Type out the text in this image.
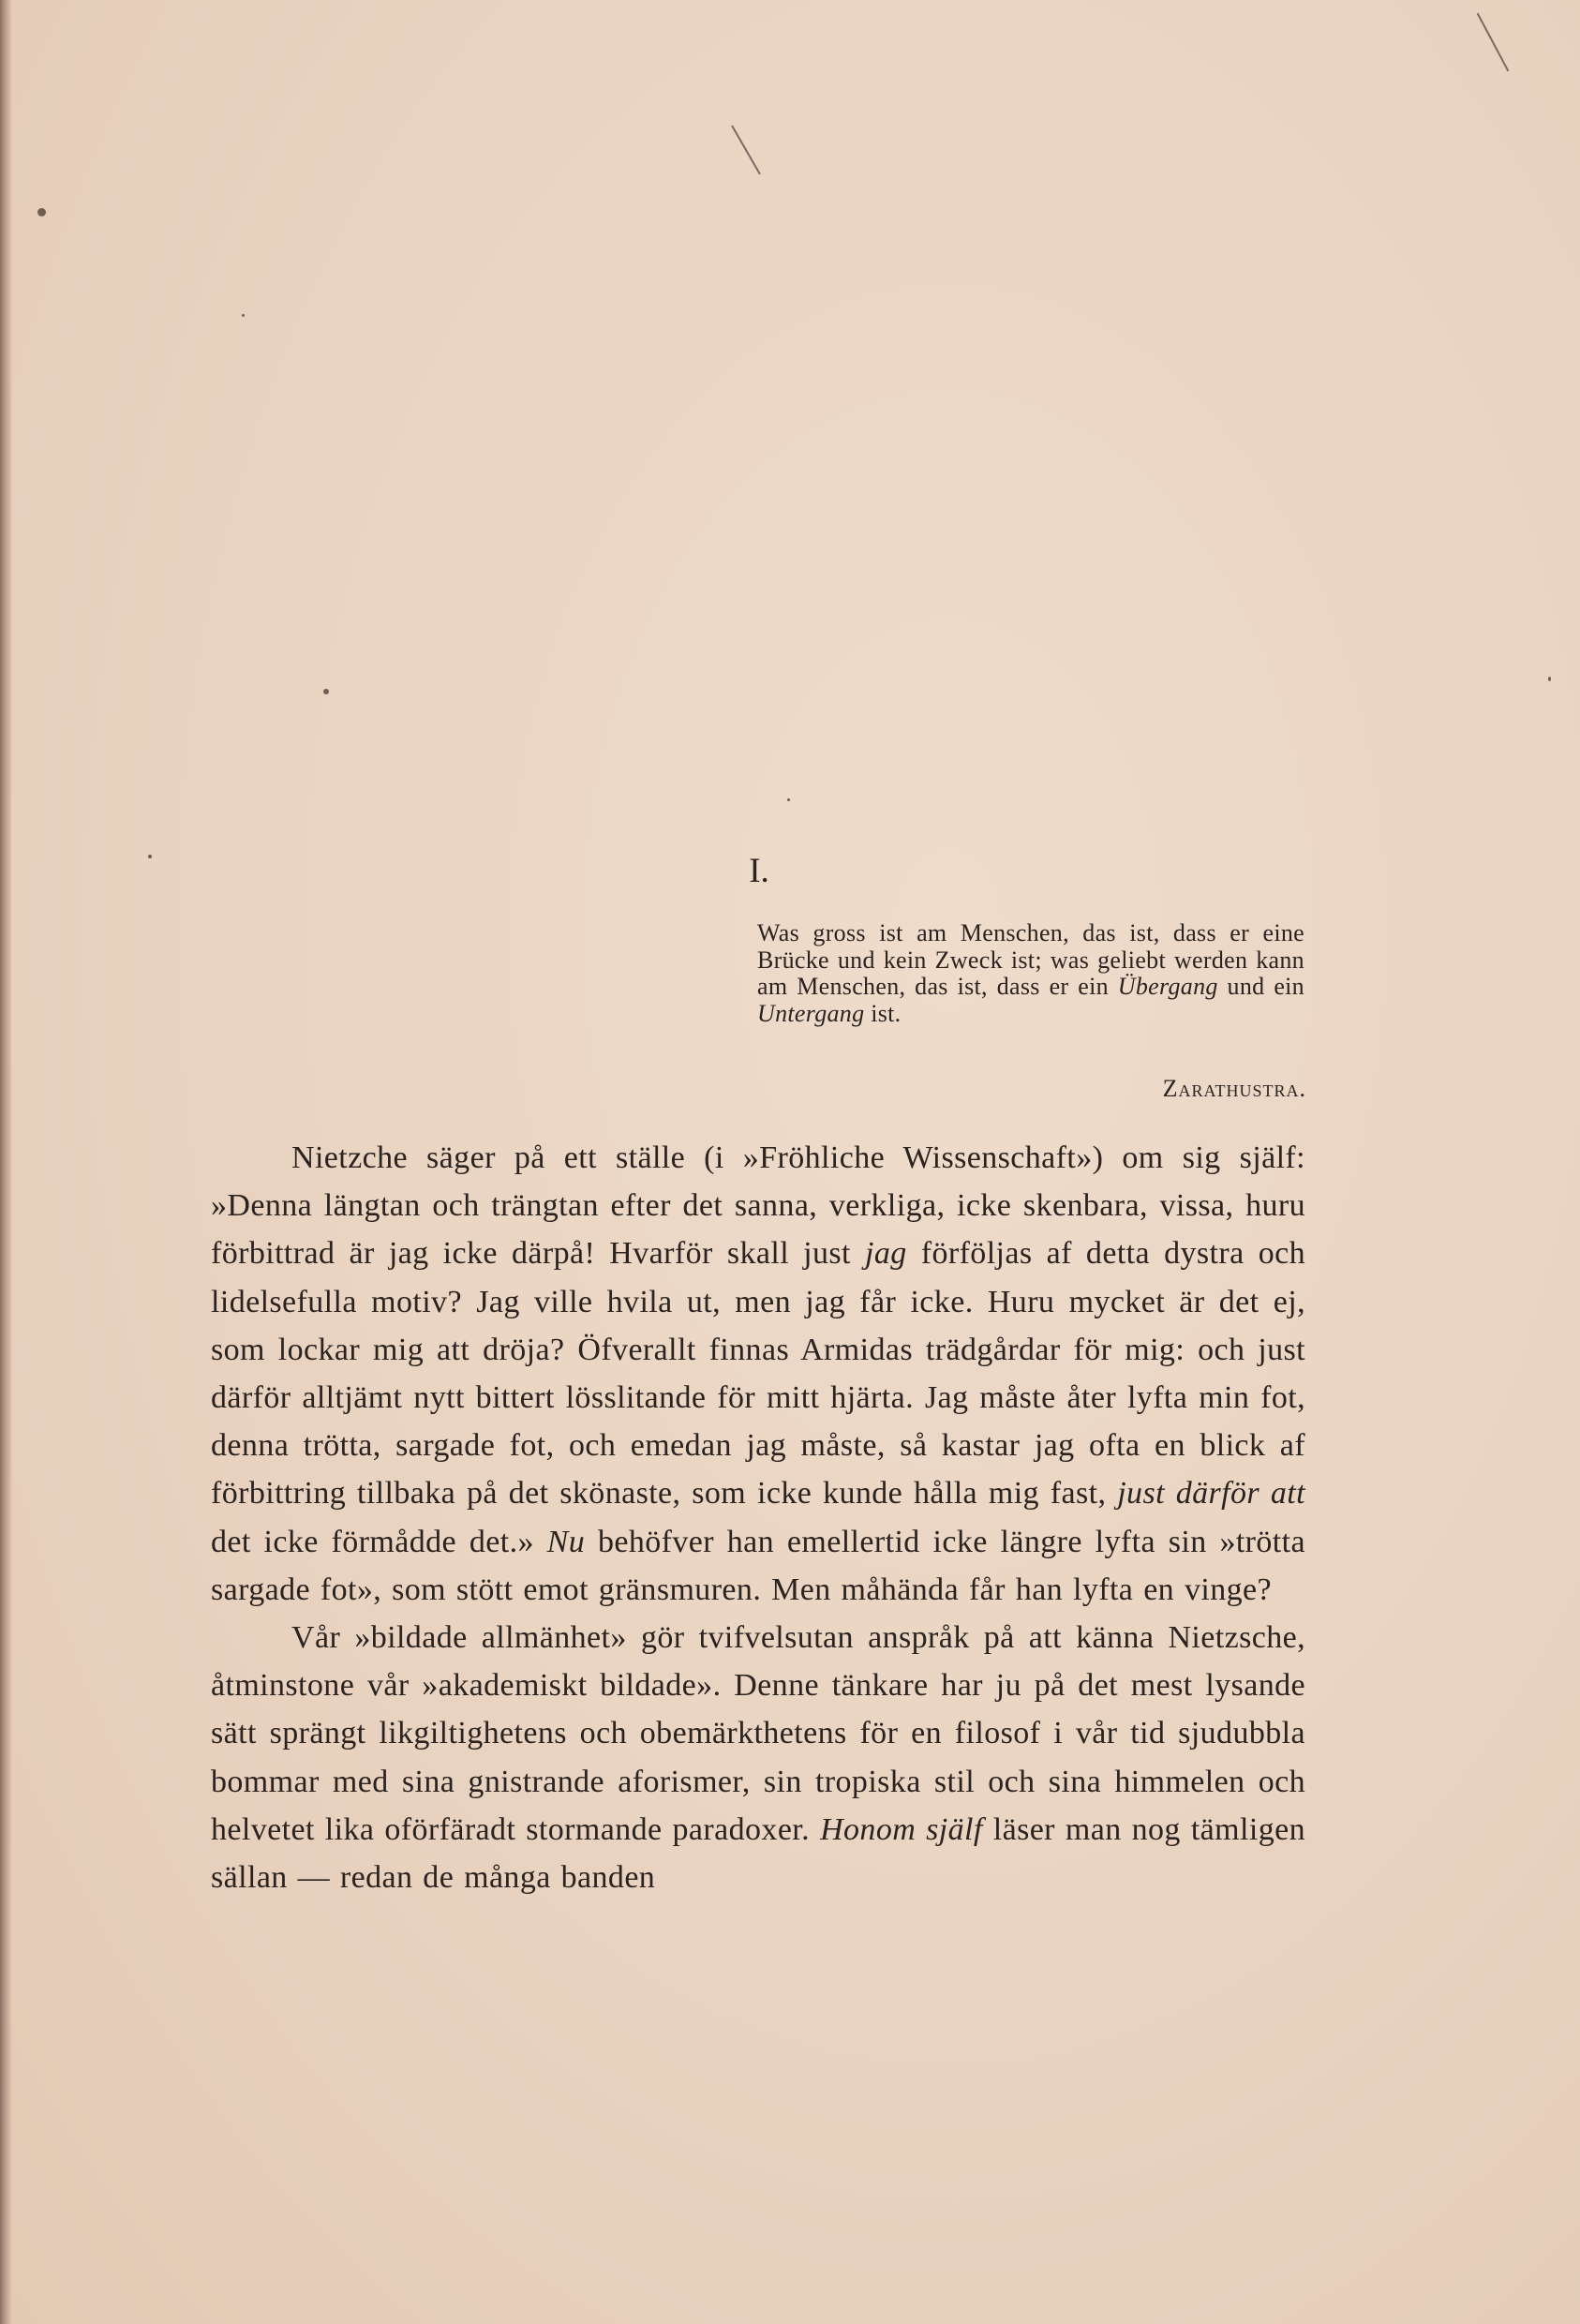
I.

Was gross ist am Menschen, das ist, dass er eine Brücke und kein Zweck ist; was geliebt werden kann am Menschen, das ist, dass er ein Übergang und ein Untergang ist.

Zarathustra.

Nietzche säger på ett ställe (i »Fröhliche Wissenschaft») om sig själf: »Denna längtan och trängtan efter det sanna, verkliga, icke skenbara, vissa, huru förbittrad är jag icke därpå! Hvarför skall just jag förföljas af detta dystra och lidelsefulla motiv? Jag ville hvila ut, men jag får icke. Huru mycket är det ej, som lockar mig att dröja? Öfverallt finnas Armidas trädgårdar för mig: och just därför alltjämt nytt bittert lösslitande för mitt hjärta. Jag måste åter lyfta min fot, denna trötta, sargade fot, och emedan jag måste, så kastar jag ofta en blick af förbittring tillbaka på det skönaste, som icke kunde hålla mig fast, just därför att det icke förmådde det.» Nu behöfver han emellertid icke längre lyfta sin »trötta sargade fot», som stött emot gränsmuren. Men måhända får han lyfta en vinge?

Vår »bildade allmänhet» gör tvifvelsutan anspråk på att känna Nietzsche, åtminstone vår »akademiskt bildade». Denne tänkare har ju på det mest lysande sätt sprängt likgiltighetens och obemärkthetens för en filosof i vår tid sjudubbla bommar med sina gnistrande aforismer, sin tropiska stil och sina himmelen och helvetet lika oförfäradt stormande paradoxer. Honom själf läser man nog tämligen sällan — redan de många banden
